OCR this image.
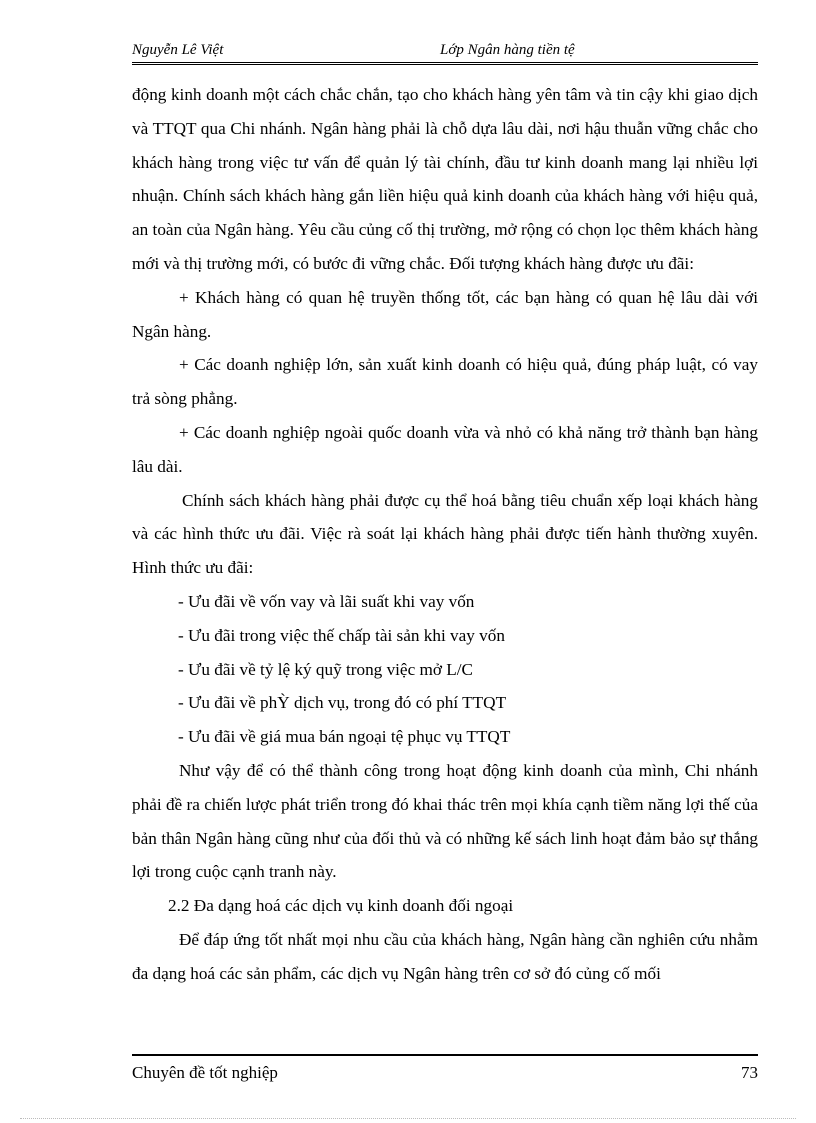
Nguyễn Lê Việt	Lớp Ngân hàng tiền tệ

động kinh doanh một cách chắc chắn, tạo cho khách hàng yên tâm và tin cậy khi giao dịch và TTQT qua Chi nhánh. Ngân hàng phải là chỗ dựa lâu dài, nơi hậu thuẫn vững chắc cho khách hàng trong việc tư vấn để quản lý tài chính, đầu tư kinh doanh mang lại nhiều lợi nhuận. Chính sách khách hàng gắn liền hiệu quả kinh doanh của khách hàng với hiệu quả, an toàn của Ngân hàng. Yêu cầu củng cố thị trường, mở rộng có chọn lọc thêm khách hàng mới và thị trường mới, có bước đi vững chắc. Đối tượng khách hàng được ưu đãi:

+ Khách hàng có quan hệ truyền thống tốt, các bạn hàng có quan hệ lâu dài với Ngân hàng.

+ Các doanh nghiệp lớn, sản xuất kinh doanh có hiệu quả, đúng pháp luật, có vay trả sòng phẳng.

+ Các doanh nghiệp ngoài quốc doanh vừa và nhỏ có khả năng trở thành bạn hàng lâu dài.

Chính sách khách hàng phải được cụ thể hoá bằng tiêu chuẩn xếp loại khách hàng và các hình thức ưu đãi. Việc rà soát lại khách hàng phải được tiến hành thường xuyên. Hình thức ưu đãi:

- Ưu đãi về vốn vay và lãi suất khi vay vốn

- Ưu đãi trong việc thế chấp tài sản khi vay vốn

- Ưu đãi về tỷ lệ ký quỹ trong việc mở L/C

- Ưu đãi về phỲ dịch vụ, trong đó có phí TTQT

- Ưu đãi về giá mua bán ngoại tệ phục vụ TTQT

Như vậy để có thể thành công trong hoạt động kinh doanh của mình, Chi nhánh phải đề ra chiến lược phát triển trong đó khai thác trên mọi khía cạnh tiềm năng lợi thế của bản thân Ngân hàng cũng như của đối thủ và có những kế sách linh hoạt đảm bảo sự thắng lợi trong cuộc cạnh tranh này.

2.2 Đa dạng hoá các dịch vụ kinh doanh đối ngoại

Để đáp ứng tốt nhất mọi nhu cầu của khách hàng, Ngân hàng cần nghiên cứu nhằm đa dạng hoá các sản phẩm, các dịch vụ Ngân hàng trên cơ sở đó củng cố mối

Chuyên đề tốt nghiệp	73
